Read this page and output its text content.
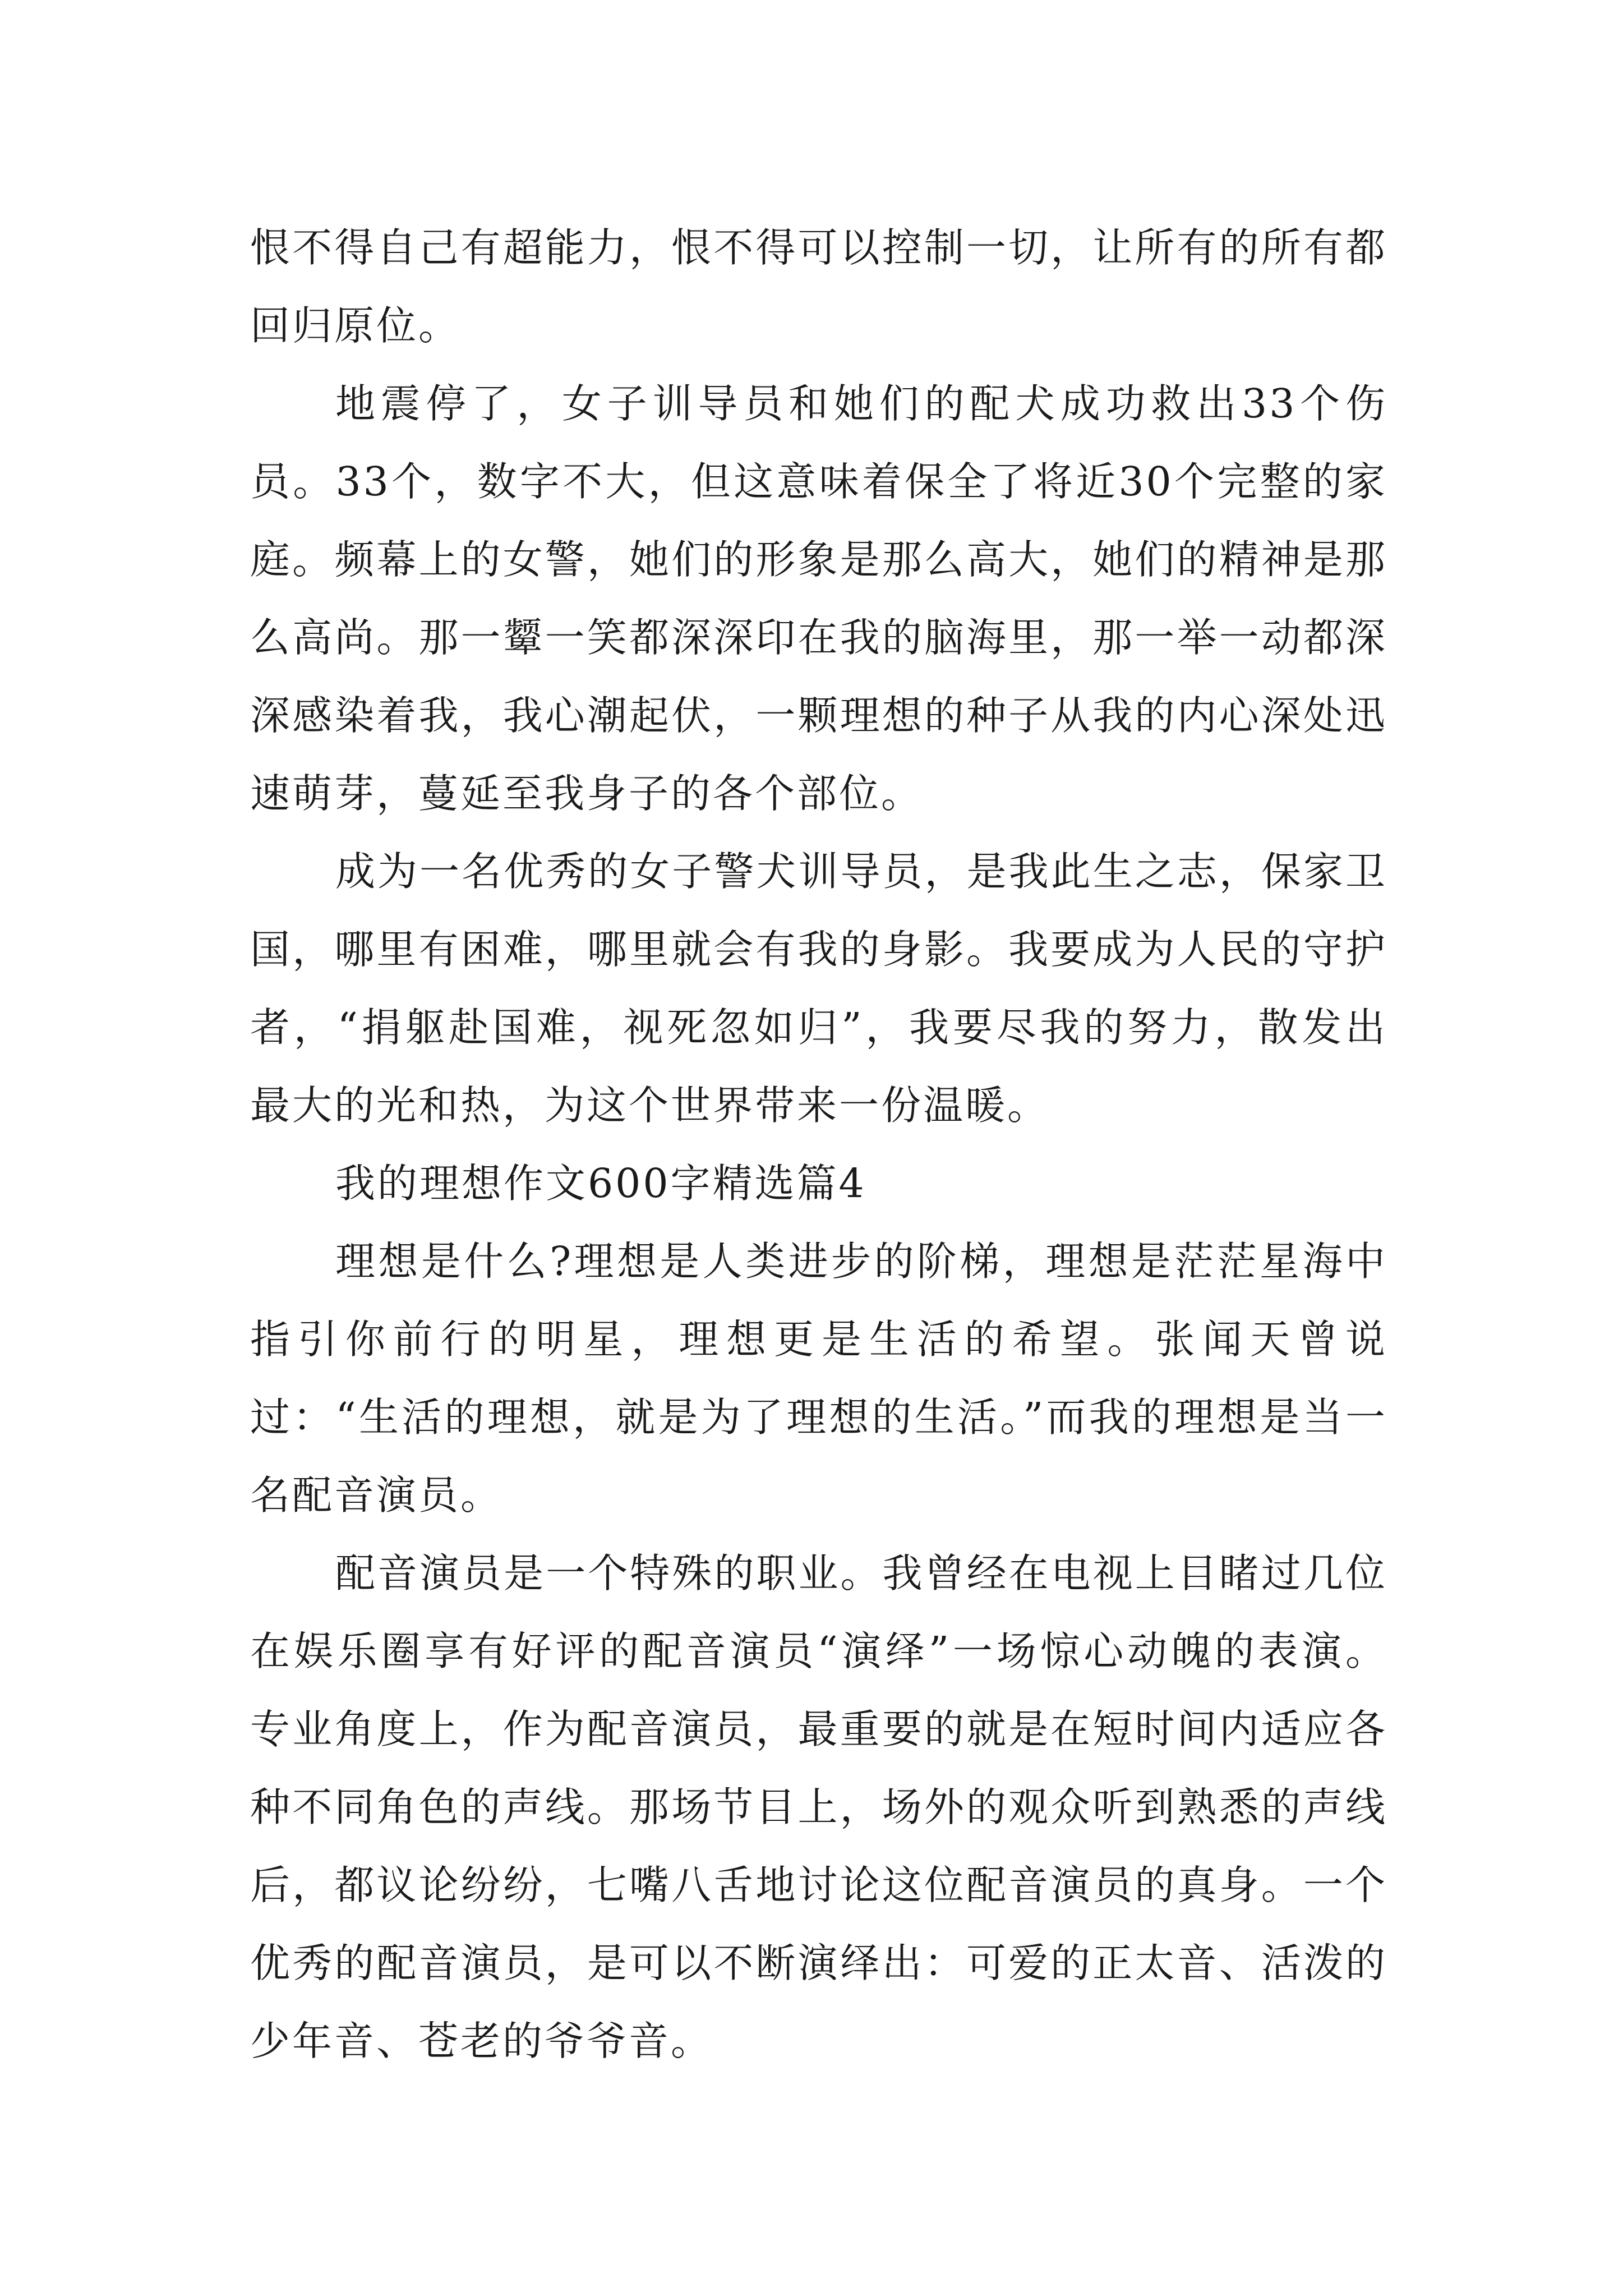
恨不得自己有超能力，恨不得可以控制一切，让所有的所有都回归原位。

地震停了，女子训导员和她们的配犬成功救出33个伤员。33个，数字不大，但这意味着保全了将近30个完整的家庭。频幕上的女警，她们的形象是那么高大，她们的精神是那么高尚。那一颦一笑都深深印在我的脑海里，那一举一动都深深感染着我，我心潮起伏，一颗理想的种子从我的内心深处迅速萌芽，蔓延至我身子的各个部位。

成为一名优秀的女子警犬训导员，是我此生之志，保家卫国，哪里有困难，哪里就会有我的身影。我要成为人民的守护者，“捐躯赴国难，视死忽如归”，我要尽我的努力，散发出最大的光和热，为这个世界带来一份温暖。

我的理想作文600字精选篇4

理想是什么?理想是人类进步的阶梯，理想是茫茫星海中指引你前行的明星，理想更是生活的希望。张闻天曾说过：“生活的理想，就是为了理想的生活。”而我的理想是当一名配音演员。

配音演员是一个特殊的职业。我曾经在电视上目睹过几位在娱乐圈享有好评的配音演员“演绎”一场惊心动魄的表演。专业角度上，作为配音演员，最重要的就是在短时间内适应各种不同角色的声线。那场节目上，场外的观众听到熟悉的声线后，都议论纷纷，七嘴八舌地讨论这位配音演员的真身。一个优秀的配音演员，是可以不断演绎出：可爱的正太音、活泼的少年音、苍老的爷爷音。
